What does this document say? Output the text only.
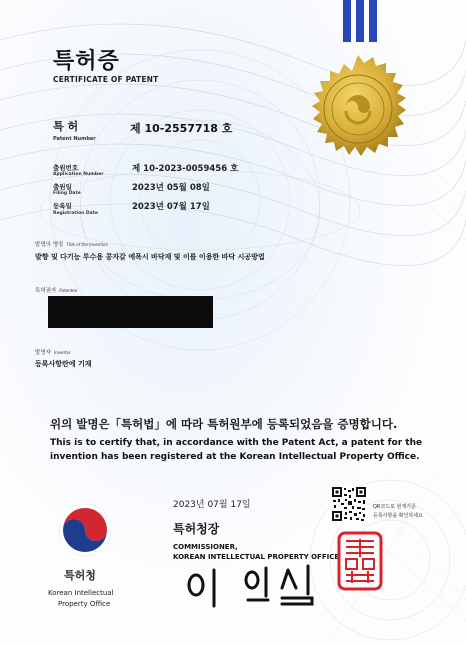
특허증
CERTIFICATE OF PATENT
특 허
Patent Number
제 10-2557718 호
출원번호
Application Number
제 10-2023-0059456 호
출원일
Filing Date
2023년 05월 08일
등록일
Registration Date
2023년 07월 17일
발명의 명칭 Title of the Invention
발향 및 다기능 투수용 콩자갈 에폭시 바닥재 및 이를 이용한 바닥 시공방법
특허권자 Patentee
발명자 Inventor
등록사항란에 기재
위의 발명은「특허법」에 따라 특허원부에 등록되었음을 증명합니다.
This is to certify that, in accordance with the Patent Act, a patent for the
invention has been registered at the Korean Intellectual Property Office.
특허청
Korean Intellectual
Property Office
2023년 07월 17일
특허청장
COMMISSIONER,
KOREAN INTELLECTUAL PROPERTY OFFICE
QR코드로 현재기준
등록사항을 확인하세요
